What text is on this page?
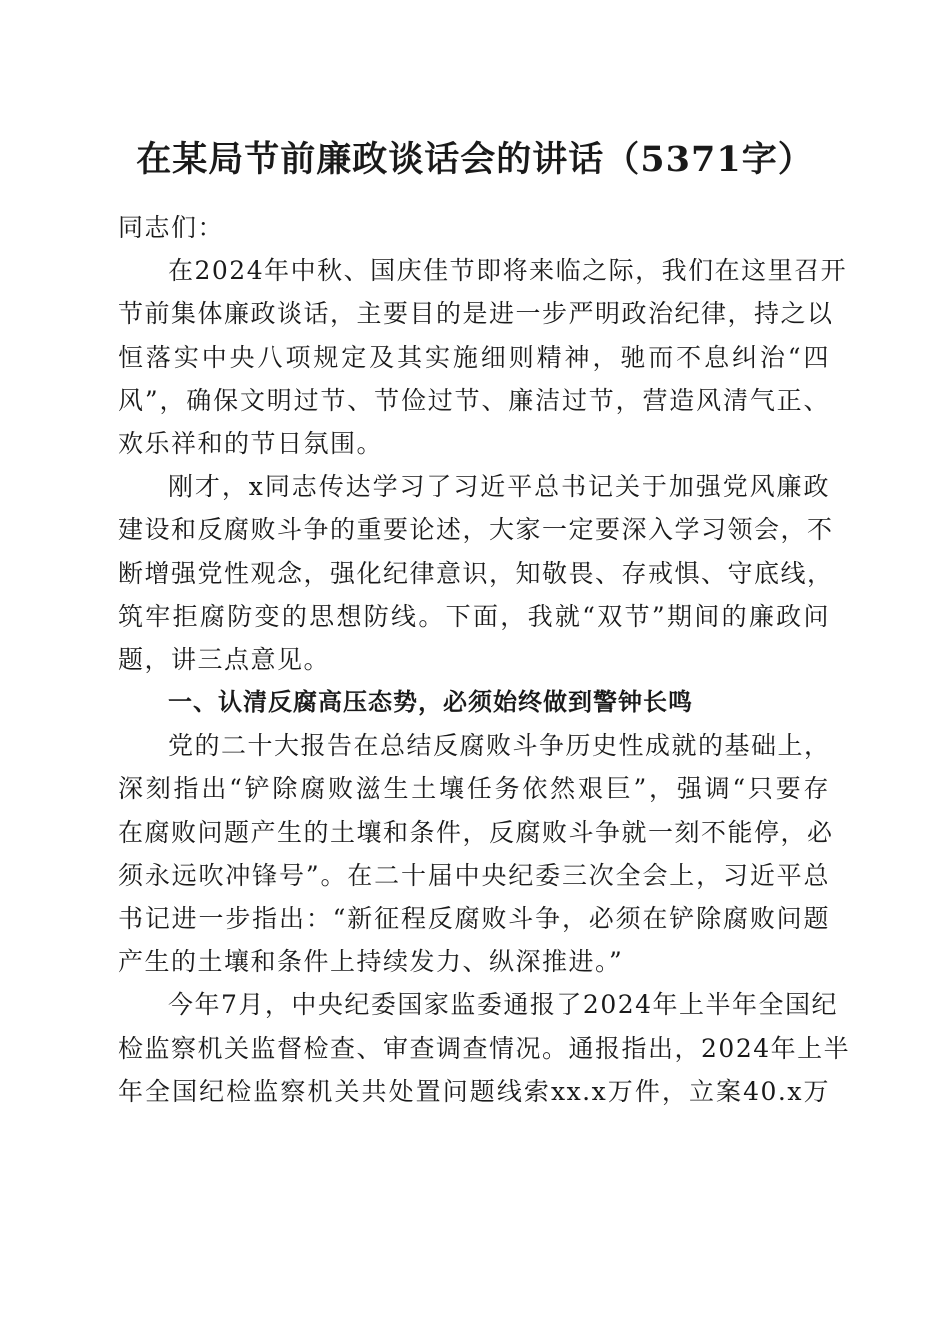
在某局节前廉政谈话会的讲话（5371字）
同志们：
在2024年中秋、国庆佳节即将来临之际，我们在这里召开
节前集体廉政谈话，主要目的是进一步严明政治纪律，持之以
恒落实中央八项规定及其实施细则精神，驰而不息纠治“四
风”，确保文明过节、节俭过节、廉洁过节，营造风清气正、
欢乐祥和的节日氛围。
刚才，x同志传达学习了习近平总书记关于加强党风廉政
建设和反腐败斗争的重要论述，大家一定要深入学习领会，不
断增强党性观念，强化纪律意识，知敬畏、存戒惧、守底线，
筑牢拒腐防变的思想防线。下面，我就“双节”期间的廉政问
题，讲三点意见。
一、认清反腐高压态势，必须始终做到警钟长鸣
党的二十大报告在总结反腐败斗争历史性成就的基础上，
深刻指出“铲除腐败滋生土壤任务依然艰巨”，强调“只要存
在腐败问题产生的土壤和条件，反腐败斗争就一刻不能停，必
须永远吹冲锋号”。在二十届中央纪委三次全会上，习近平总
书记进一步指出：“新征程反腐败斗争，必须在铲除腐败问题
产生的土壤和条件上持续发力、纵深推进。”
今年7月，中央纪委国家监委通报了2024年上半年全国纪
检监察机关监督检查、审查调查情况。通报指出，2024年上半
年全国纪检监察机关共处置问题线索xx.x万件，立案40.x万
